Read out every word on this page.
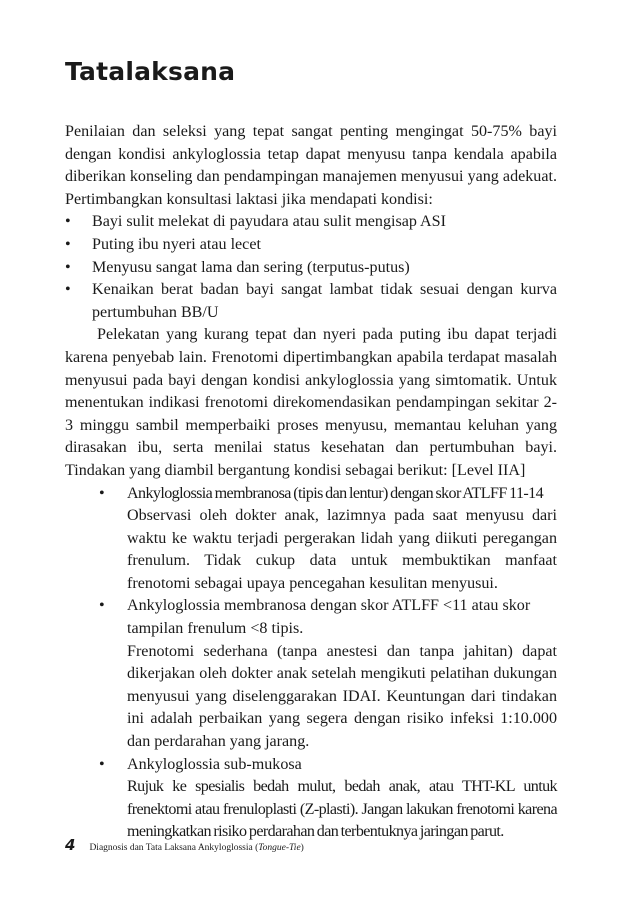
Tatalaksana

Penilaian dan seleksi yang tepat sangat penting mengingat 50-75% bayi dengan kondisi ankyloglossia tetap dapat menyusu tanpa kendala apabila diberikan konseling dan pendampingan manajemen menyusui yang adekuat. Pertimbangkan konsultasi laktasi jika mendapati kondisi:

• Bayi sulit melekat di payudara atau sulit mengisap ASI
• Puting ibu nyeri atau lecet
• Menyusu sangat lama dan sering (terputus-putus)
• Kenaikan berat badan bayi sangat lambat tidak sesuai dengan kurva pertumbuhan BB/U

Pelekatan yang kurang tepat dan nyeri pada puting ibu dapat terjadi karena penyebab lain. Frenotomi dipertimbangkan apabila terdapat masalah menyusui pada bayi dengan kondisi ankyloglossia yang simtomatik. Untuk menentukan indikasi frenotomi direkomendasikan pendampingan sekitar 2-3 minggu sambil memperbaiki proses menyusu, memantau keluhan yang dirasakan ibu, serta menilai status kesehatan dan pertumbuhan bayi. Tindakan yang diambil bergantung kondisi sebagai berikut: [Level IIA]

• Ankyloglossia membranosa (tipis dan lentur) dengan skor ATLFF 11-14
Observasi oleh dokter anak, lazimnya pada saat menyusu dari waktu ke waktu terjadi pergerakan lidah yang diikuti peregangan frenulum. Tidak cukup data untuk membuktikan manfaat frenotomi sebagai upaya pencegahan kesulitan menyusui.
• Ankyloglossia membranosa dengan skor ATLFF <11 atau skor tampilan frenulum <8 tipis.
Frenotomi sederhana (tanpa anestesi dan tanpa jahitan) dapat dikerjakan oleh dokter anak setelah mengikuti pelatihan dukungan menyusui yang diselenggarakan IDAI. Keuntungan dari tindakan ini adalah perbaikan yang segera dengan risiko infeksi 1:10.000 dan perdarahan yang jarang.
• Ankyloglossia sub-mukosa
Rujuk ke spesialis bedah mulut, bedah anak, atau THT-KL untuk frenektomi atau frenuloplasti (Z-plasti). Jangan lakukan frenotomi karena meningkatkan risiko perdarahan dan terbentuknya jaringan parut.
4 Diagnosis dan Tata Laksana Ankyloglossia (Tongue-Tie)
